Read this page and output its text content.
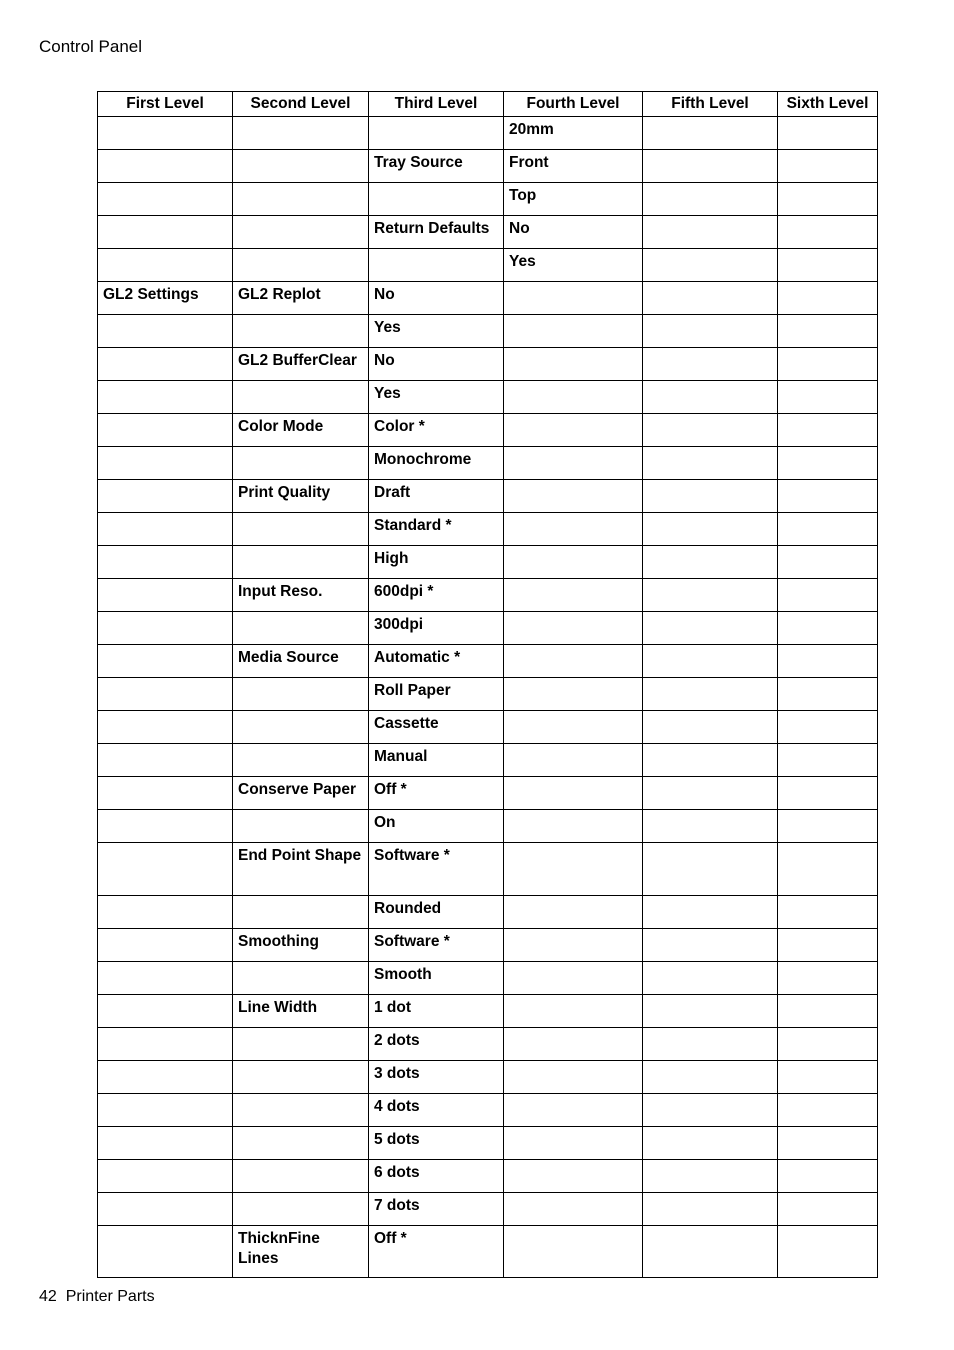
Control Panel
First Level	Second Level	Third Level	Fourth Level	Fifth Level	Sixth Level

			20mm		

		Tray Source	Front		

			Top		

		Return Defaults	No		

			Yes		

GL2 Settings	GL2 Replot	No			

		Yes			

	GL2 BufferClear	No			

		Yes			

	Color Mode	Color *			

		Monochrome			

	Print Quality	Draft			

		Standard *			

		High			

	Input Reso.	600dpi *			

		300dpi			

	Media Source	Automatic *			

		Roll Paper			

		Cassette			

		Manual			

	Conserve Paper	Off *			

		On			

	End Point Shape	Software *			

		Rounded			

	Smoothing	Software *			

		Smooth			

	Line Width	1 dot			

		2 dots			

		3 dots			

		4 dots			

		5 dots			

		6 dots			

		7 dots			

	ThicknFine Lines	Off *			

42 Printer Parts
